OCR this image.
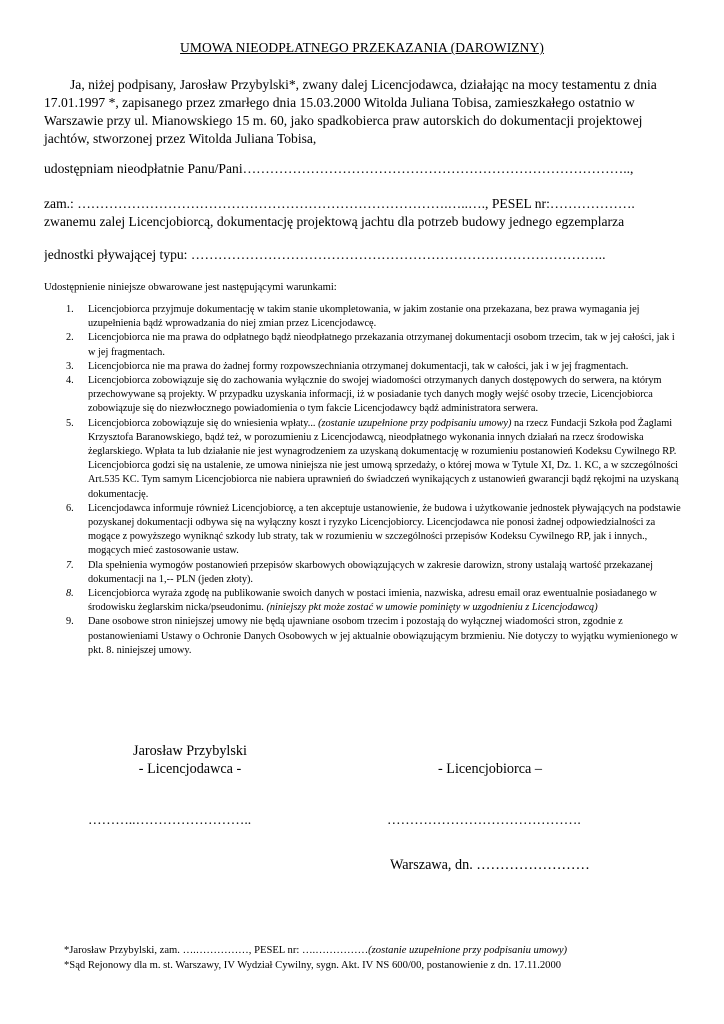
UMOWA NIEODPŁATNEGO PRZEKAZANIA (DAROWIZNY)
Ja, niżej podpisany, Jarosław Przybylski*, zwany dalej Licencjodawca, działając na mocy testamentu z dnia 17.01.1997 *, zapisanego przez zmarłego dnia 15.03.2000 Witolda Juliana Tobisa, zamieszkałego ostatnio w Warszawie przy ul. Mianowskiego 15 m. 60, jako spadkobierca praw autorskich do dokumentacji projektowej jachtów, stworzonej przez Witolda Juliana Tobisa,
udostępniam nieodpłatnie Panu/Pani…………………………………………………………………………..,
zam.: ……………………………………………………………………….…..…., PESEL nr:……………….
zwanemu zalej Licencjobiorcą, dokumentację projektową jachtu dla potrzeb budowy jednego egzemplarza
jednostki pływającej typu: ………………………………………………………………………………..
Udostępnienie niniejsze obwarowane jest następującymi warunkami:
1. Licencjobiorca przyjmuje dokumentację w takim stanie ukompletowania, w jakim zostanie ona przekazana, bez prawa wymagania jej uzupełnienia bądź wprowadzania do niej zmian przez Licencjodawcę.
2. Licencjobiorca nie ma prawa do odpłatnego bądź nieodpłatnego przekazania otrzymanej dokumentacji osobom trzecim, tak w jej całości, jak i w jej fragmentach.
3. Licencjobiorca nie ma prawa do żadnej formy rozpowszechniania otrzymanej dokumentacji, tak w całości, jak i w jej fragmentach.
4. Licencjobiorca zobowiązuje się do zachowania wyłącznie do swojej wiadomości otrzymanych danych dostępowych do serwera, na którym przechowywane są projekty. W przypadku uzyskania informacji, iż w posiadanie tych danych mogły wejść osoby trzecie, Licencjobiorca zobowiązuje się do niezwłocznego powiadomienia o tym fakcie Licencjodawcy bądź administratora serwera.
5. Licencjobiorca zobowiązuje się do wniesienia wpłaty... (zostanie uzupełnione przy podpisaniu umowy) na rzecz Fundacji Szkoła pod Żaglami Krzysztofa Baranowskiego, bądź też, w porozumieniu z Licencjodawcą, nieodpłatnego wykonania innych działań na rzecz środowiska żeglarskiego. Wpłata ta lub działanie nie jest wynagrodzeniem za uzyskaną dokumentację w rozumieniu postanowień Kodeksu Cywilnego RP. Licencjobiorca godzi się na ustalenie, ze umowa niniejsza nie jest umową sprzedaży, o której mowa w Tytule XI, Dz. 1. KC, a w szczególności Art.535 KC. Tym samym Licencjobiorca nie nabiera uprawnień do świadczeń wynikających z ustanowień gwarancji bądź rękojmi na uzyskaną dokumentację.
6. Licencjodawca informuje również Licencjobiorcę, a ten akceptuje ustanowienie, że budowa i użytkowanie jednostek pływających na podstawie pozyskanej dokumentacji odbywa się na wyłączny koszt i ryzyko Licencjobiorcy. Licencjodawca nie ponosi żadnej odpowiedzialności za mogące z powyższego wyniknąć szkody lub straty, tak w rozumieniu w szczególności przepisów Kodeksu Cywilnego RP, jak i innych., mogących mieć zastosowanie ustaw.
7. Dla spełnienia wymogów postanowień przepisów skarbowych obowiązujących w zakresie darowizn, strony ustalają wartość przekazanej dokumentacji na 1,-- PLN (jeden złoty).
8. Licencjobiorca wyraża zgodę na publikowanie swoich danych w postaci imienia, nazwiska, adresu email oraz ewentualnie posiadanego w środowisku żeglarskim nicka/pseudonimu. (niniejszy pkt może zostać w umowie pominięty w uzgodnieniu z Licencjodawcą)
9. Dane osobowe stron niniejszej umowy nie będą ujawniane osobom trzecim i pozostają do wyłącznej wiadomości stron, zgodnie z postanowieniami Ustawy o Ochronie Danych Osobowych w jej aktualnie obowiązującym brzmieniu. Nie dotyczy to wyjątku wymienionego w pkt. 8. niniejszej umowy.
Jarosław Przybylski
- Licencjodawca -	- Licencjobiorca –
………..……………………..	…………………………………….
Warszawa, dn. ……………………
*Jarosław Przybylski, zam. ….……………, PESEL nr: ….……………(zostanie uzupełnione przy podpisaniu umowy)
*Sąd Rejonowy dla m. st. Warszawy, IV Wydział Cywilny, sygn. Akt. IV NS 600/00, postanowienie z dn. 17.11.2000
